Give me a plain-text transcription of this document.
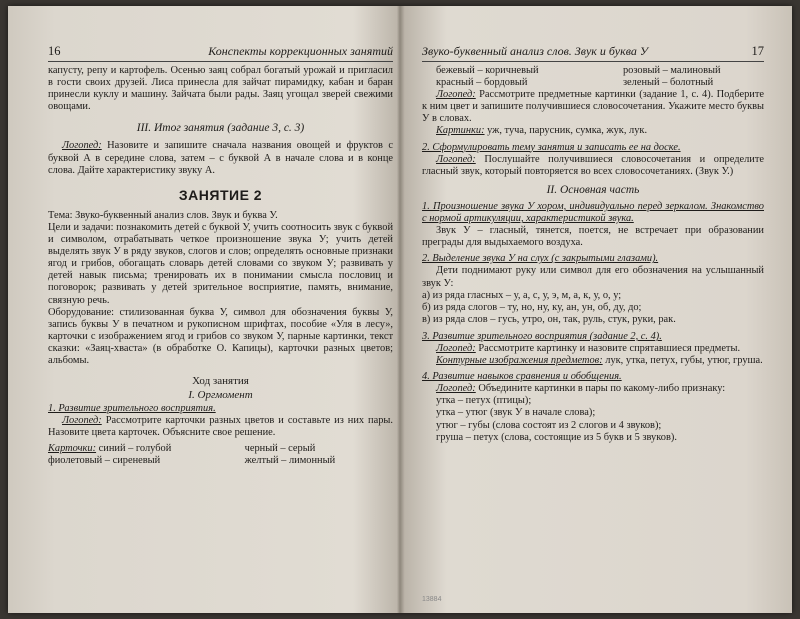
16	Конспекты коррекционных занятий

капусту, репу и картофель. Осенью заяц собрал богатый урожай и пригласил в гости своих друзей. Лиса принесла для зайчат пирамидку, кабан и баран принесли куклу и машину. Зайчата были рады. Заяц угощал зверей свежими овощами.

III. Итог занятия (задание 3, с. 3)

Логопед: Назовите и запишите сначала названия овощей и фруктов с буквой А в середине слова, затем – с буквой А в начале слова и в конце слова. Дайте характеристику звуку А.

ЗАНЯТИЕ 2

Тема: Звуко-буквенный анализ слов. Звук и буква У.

Цели и задачи: познакомить детей с буквой У, учить соотносить звук с буквой и символом, отрабатывать четкое произношение звука У; учить детей выделять звук У в ряду звуков, слогов и слов; определять основные признаки ягод и грибов, обогащать словарь детей словами со звуком У; развивать у детей навык письма; тренировать их в понимании смысла пословиц и поговорок; развивать у детей зрительное восприятие, память, внимание, связную речь.

Оборудование: стилизованная буква У, символ для обозначения буквы У, запись буквы У в печатном и рукописном шрифтах, пособие «Уля в лесу», карточки с изображением ягод и грибов со звуком У, парные картинки, текст сказки: «Заяц-хваста» (в обработке О. Капицы), карточки разных цветов; альбомы.

Ход занятия
I. Оргмомент

1. Развитие зрительного восприятия.

Логопед: Рассмотрите карточки разных цветов и составьте из них пары. Назовите цвета карточек. Объясните свое решение.

Карточки: синий – голубой	черный – серый
фиолетовый – сиреневый	желтый – лимонный
Звуко-буквенный анализ слов. Звук и буква У	17
бежевый – коричневый	розовый – малиновый
красный – бордовый	зеленый – болотный

Логопед: Рассмотрите предметные картинки (задание 1, с. 4). Подберите к ним цвет и запишите получившиеся словосочетания. Укажите место буквы У в словах.

Картинки: уж, туча, парусник, сумка, жук, лук.

2. Сформулировать тему занятия и записать ее на доске.

Логопед: Послушайте получившиеся словосочетания и определите гласный звук, который повторяется во всех словосочетаниях. (Звук У.)

II. Основная часть

1. Произношение звука У хором, индивидуально перед зеркалом. Знакомство с нормой артикуляции, характеристикой звука.

Звук У – гласный, тянется, поется, не встречает при образовании преграды для выдыхаемого воздуха.

2. Выделение звука У на слух (с закрытыми глазами).

Дети поднимают руку или символ для его обозначения на услышанный звук У:

а) из ряда гласных – у, а, с, у, э, м, а, к, у, о, у;

б) из ряда слогов – ту, но, ну, ку, ан, ун, об, ду, до;

в) из ряда слов – гусь, утро, он, так, руль, стук, руки, рак.

3. Развитие зрительного восприятия (задание 2, с. 4).

Логопед: Рассмотрите картинку и назовите спрятавшиеся предметы.

Контурные изображения предметов: лук, утка, петух, губы, утюг, груша.

4. Развитие навыков сравнения и обобщения.

Логопед: Объедините картинки в пары по какому-либо признаку:

утка – петух (птицы);

утка – утюг (звук У в начале слова);

утюг – губы (слова состоят из 2 слогов и 4 звуков);

груша – петух (слова, состоящие из 5 букв и 5 звуков).

13884
